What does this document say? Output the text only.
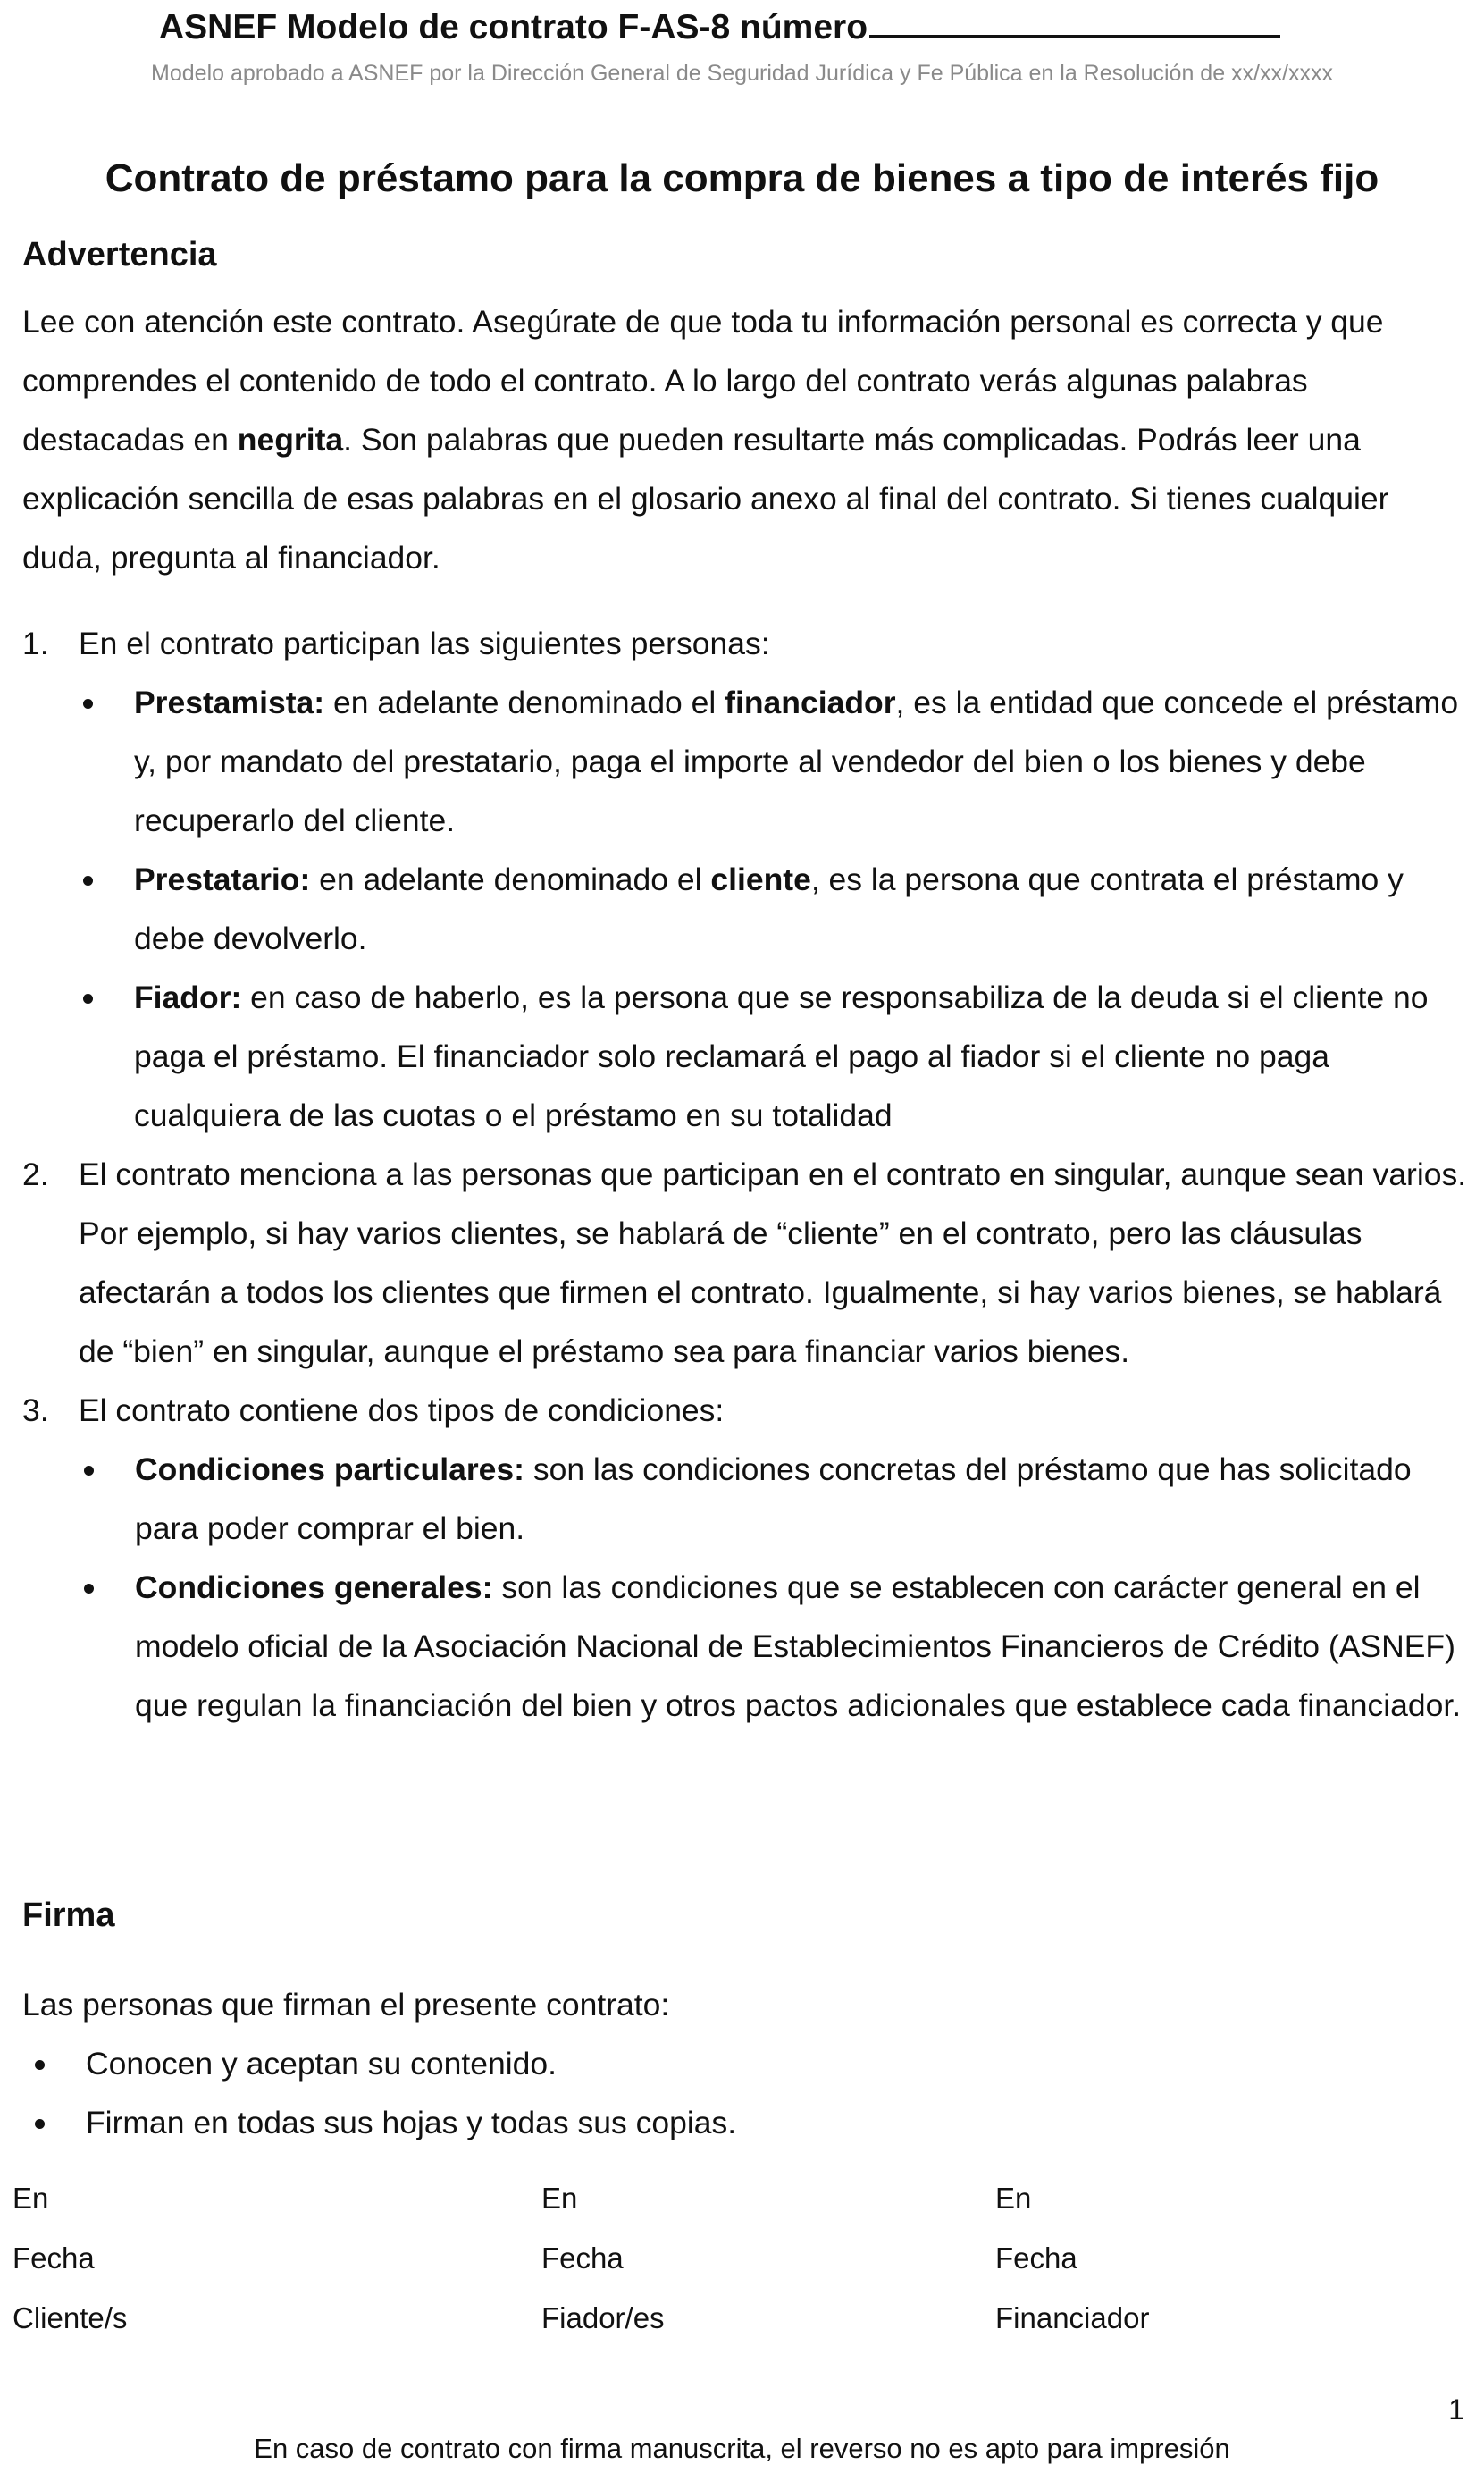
ASNEF Modelo de contrato F-AS-8 número

Modelo aprobado a ASNEF por la Dirección General de Seguridad Jurídica y Fe Pública en la Resolución de xx/xx/xxxx

Contrato de préstamo para la compra de bienes a tipo de interés fijo
Advertencia

Lee con atención este contrato. Asegúrate de que toda tu información personal es correcta y que comprendes el contenido de todo el contrato. A lo largo del contrato verás algunas palabras destacadas en negrita. Son palabras que pueden resultarte más complicadas. Podrás leer una explicación sencilla de esas palabras en el glosario anexo al final del contrato. Si tienes cualquier duda, pregunta al financiador.

1. En el contrato participan las siguientes personas:
Prestamista: en adelante denominado el financiador, es la entidad que concede el préstamo y, por mandato del prestatario, paga el importe al vendedor del bien o los bienes y debe recuperarlo del cliente.
Prestatario: en adelante denominado el cliente, es la persona que contrata el préstamo y debe devolverlo.
Fiador: en caso de haberlo, es la persona que se responsabiliza de la deuda si el cliente no paga el préstamo. El financiador solo reclamará el pago al fiador si el cliente no paga cualquiera de las cuotas o el préstamo en su totalidad
2. El contrato menciona a las personas que participan en el contrato en singular, aunque sean varios. Por ejemplo, si hay varios clientes, se hablará de “cliente” en el contrato, pero las cláusulas afectarán a todos los clientes que firmen el contrato. Igualmente, si hay varios bienes, se hablará de “bien” en singular, aunque el préstamo sea para financiar varios bienes.
3. El contrato contiene dos tipos de condiciones:
Condiciones particulares: son las condiciones concretas del préstamo que has solicitado para poder comprar el bien.
Condiciones generales: son las condiciones que se establecen con carácter general en el modelo oficial de la Asociación Nacional de Establecimientos Financieros de Crédito (ASNEF) que regulan la financiación del bien y otros pactos adicionales que establece cada financiador.
Firma

Las personas que firman el presente contrato:

Conocen y aceptan su contenido.
Firman en todas sus hojas y todas sus copias.
En
Fecha
Cliente/s
En
Fecha
Fiador/es
En
Fecha
Financiador
1
En caso de contrato con firma manuscrita, el reverso no es apto para impresión
